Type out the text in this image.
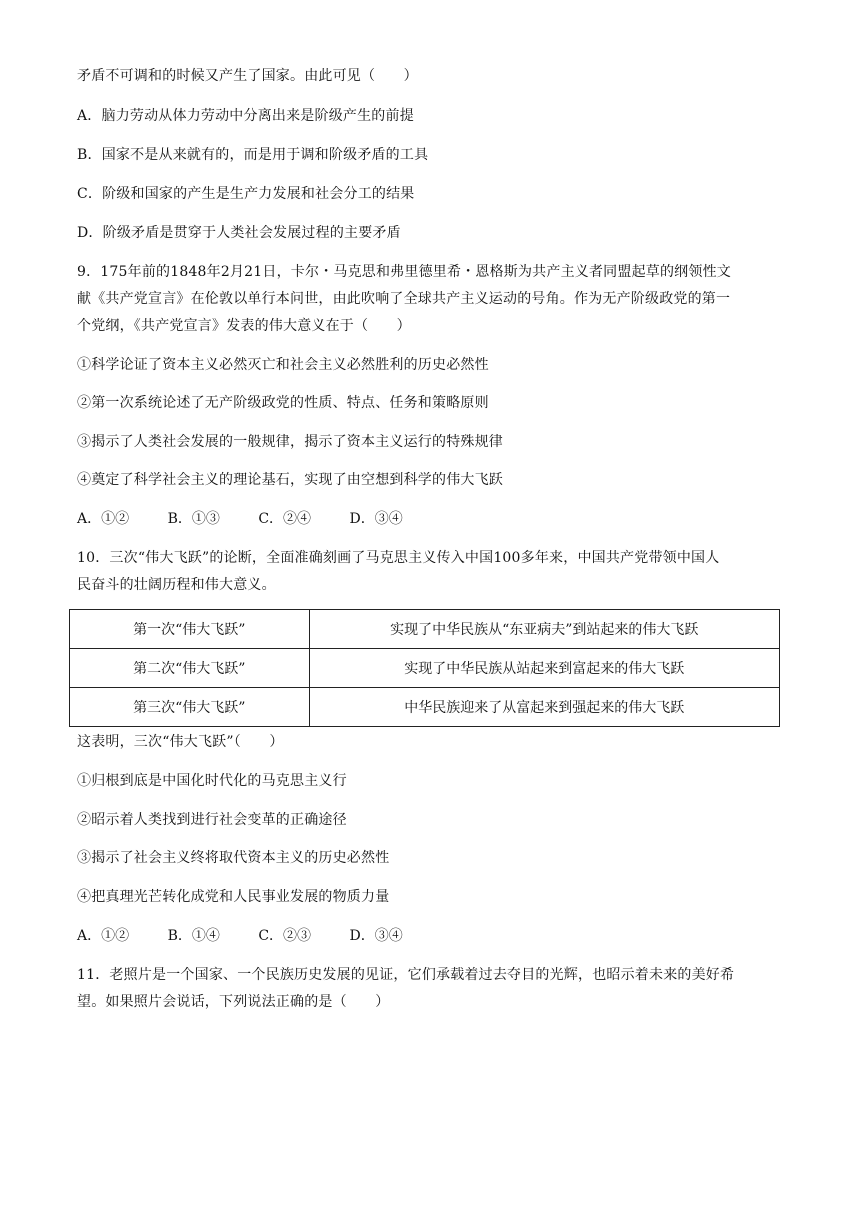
矛盾不可调和的时候又产生了国家。由此可见（　　）
A．脑力劳动从体力劳动中分离出来是阶级产生的前提
B．国家不是从来就有的，而是用于调和阶级矛盾的工具
C．阶级和国家的产生是生产力发展和社会分工的结果
D．阶级矛盾是贯穿于人类社会发展过程的主要矛盾
9．175年前的1848年2月21日，卡尔・马克思和弗里德里希・恩格斯为共产主义者同盟起草的纲领性文
献《共产党宣言》在伦敦以单行本问世，由此吹响了全球共产主义运动的号角。作为无产阶级政党的第一
个党纲，《共产党宣言》发表的伟大意义在于（　　）
①科学论证了资本主义必然灭亡和社会主义必然胜利的历史必然性
②第一次系统论述了无产阶级政党的性质、特点、任务和策略原则
③揭示了人类社会发展的一般规律，揭示了资本主义运行的特殊规律
④奠定了科学社会主义的理论基石，实现了由空想到科学的伟大飞跃
A．①②	B．①③	C．②④	D．③④
10．三次“伟大飞跃”的论断，全面准确刻画了马克思主义传入中国100多年来，中国共产党带领中国人
民奋斗的壮阔历程和伟大意义。
第一次“伟大飞跃”	实现了中华民族从“东亚病夫”到站起来的伟大飞跃
第二次“伟大飞跃”	实现了中华民族从站起来到富起来的伟大飞跃
第三次“伟大飞跃”	中华民族迎来了从富起来到强起来的伟大飞跃
这表明，三次“伟大飞跃”（　　）
①归根到底是中国化时代化的马克思主义行
②昭示着人类找到进行社会变革的正确途径
③揭示了社会主义终将取代资本主义的历史必然性
④把真理光芒转化成党和人民事业发展的物质力量
A．①②	B．①④	C．②③	D．③④
11．老照片是一个国家、一个民族历史发展的见证，它们承载着过去夺目的光辉，也昭示着未来的美好希
望。如果照片会说话，下列说法正确的是（　　）
